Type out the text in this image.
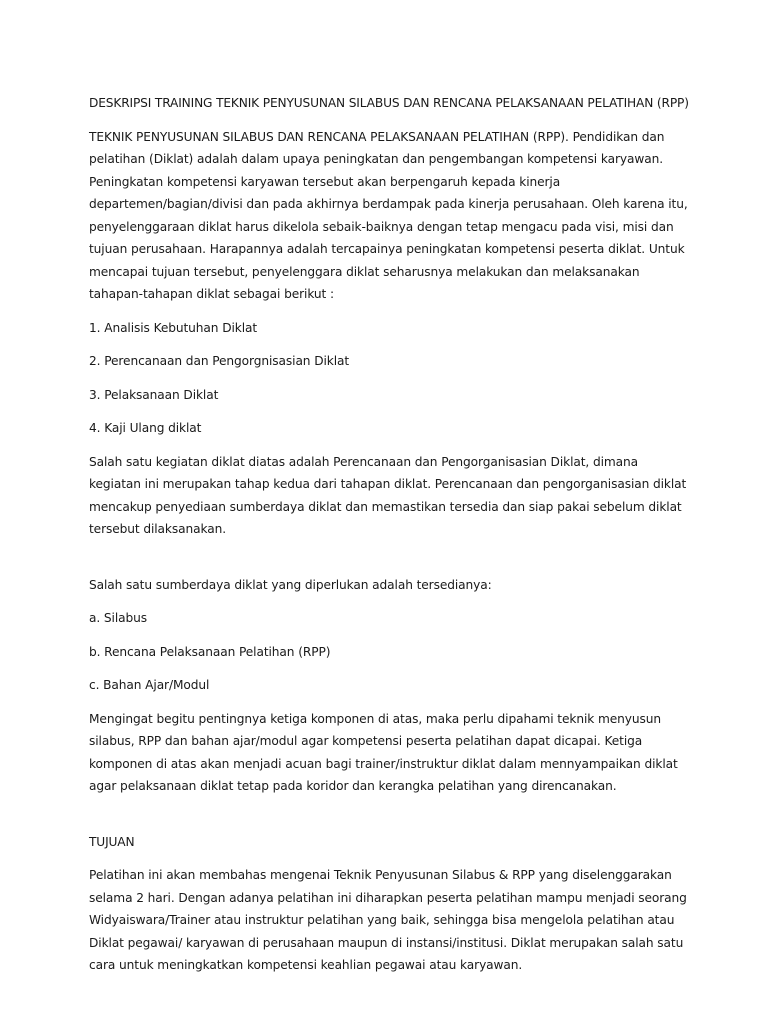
DESKRIPSI TRAINING TEKNIK PENYUSUNAN SILABUS DAN RENCANA PELAKSANAAN PELATIHAN (RPP)

TEKNIK PENYUSUNAN SILABUS DAN RENCANA PELAKSANAAN PELATIHAN (RPP). Pendidikan dan pelatihan (Diklat) adalah dalam upaya peningkatan dan pengembangan kompetensi karyawan. Peningkatan kompetensi karyawan tersebut akan berpengaruh kepada kinerja departemen/bagian/divisi dan pada akhirnya berdampak pada kinerja perusahaan. Oleh karena itu, penyelenggaraan diklat harus dikelola sebaik-baiknya dengan tetap mengacu pada visi, misi dan tujuan perusahaan. Harapannya adalah tercapainya peningkatan kompetensi peserta diklat. Untuk mencapai tujuan tersebut, penyelenggara diklat seharusnya melakukan dan melaksanakan tahapan-tahapan diklat sebagai berikut :

1. Analisis Kebutuhan Diklat

2. Perencanaan dan Pengorgnisasian Diklat

3. Pelaksanaan Diklat

4. Kaji Ulang diklat

Salah satu kegiatan diklat diatas adalah Perencanaan dan Pengorganisasian Diklat, dimana kegiatan ini merupakan tahap kedua dari tahapan diklat. Perencanaan dan pengorganisasian diklat mencakup penyediaan sumberdaya diklat dan memastikan tersedia dan siap pakai sebelum diklat tersebut dilaksanakan.

Salah satu sumberdaya diklat yang diperlukan adalah tersedianya:

a. Silabus

b. Rencana Pelaksanaan Pelatihan (RPP)

c. Bahan Ajar/Modul

Mengingat begitu pentingnya ketiga komponen di atas, maka perlu dipahami teknik menyusun silabus, RPP dan bahan ajar/modul agar kompetensi peserta pelatihan dapat dicapai. Ketiga komponen di atas akan menjadi acuan bagi trainer/instruktur diklat dalam mennyampaikan diklat agar pelaksanaan diklat tetap pada koridor dan kerangka pelatihan yang direncanakan.

TUJUAN

Pelatihan ini akan membahas mengenai Teknik Penyusunan Silabus & RPP yang diselenggarakan selama 2 hari. Dengan adanya pelatihan ini diharapkan peserta pelatihan mampu menjadi seorang Widyaiswara/Trainer atau instruktur pelatihan yang baik, sehingga bisa mengelola pelatihan atau Diklat pegawai/ karyawan di perusahaan maupun di instansi/institusi. Diklat merupakan salah satu cara untuk meningkatkan kompetensi keahlian pegawai atau karyawan.
